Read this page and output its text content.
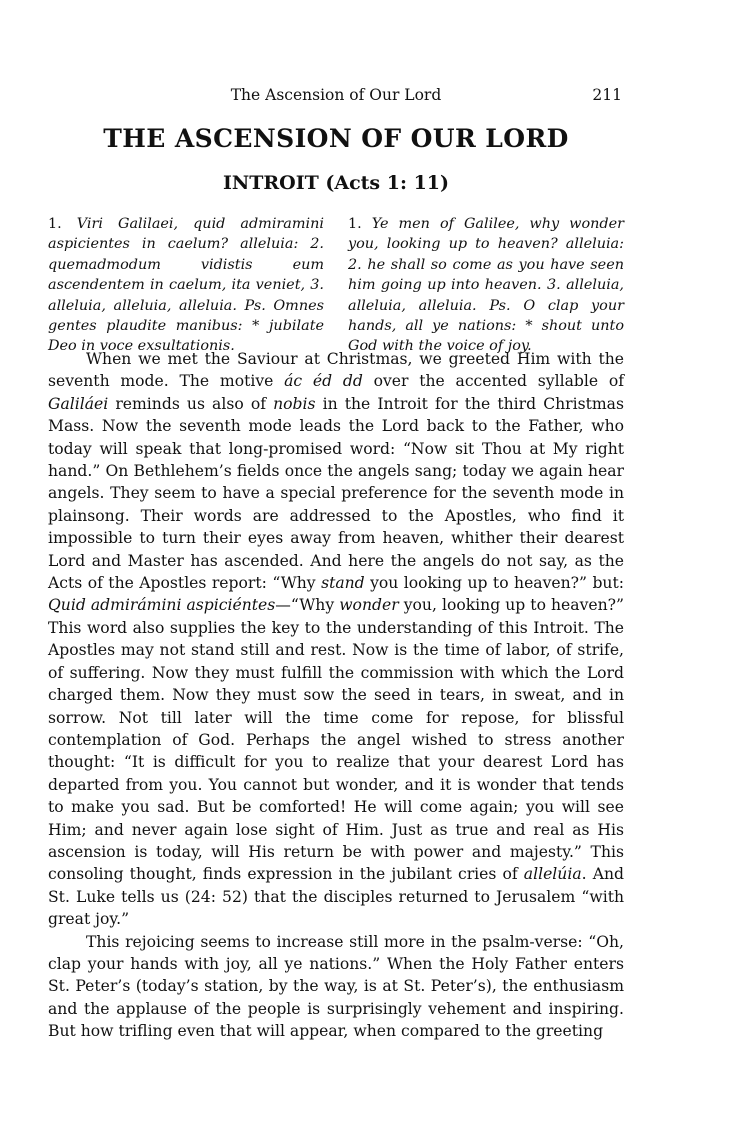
The Ascension of Our Lord	211
THE ASCENSION OF OUR LORD
INTROIT (Acts 1: 11)
1. Viri Galilaei, quid admiramini aspicientes in caelum? alleluia: 2. quemadmodum vidistis eum ascendentem in caelum, ita veniet, 3. alleluia, alleluia, alleluia. Ps. Omnes gentes plaudite manibus: * jubilate Deo in voce exsultationis.
1. Ye men of Galilee, why wonder you, looking up to heaven? alleluia: 2. he shall so come as you have seen him going up into heaven. 3. alleluia, alleluia, alleluia. Ps. O clap your hands, all ye nations: * shout unto God with the voice of joy.

When we met the Saviour at Christmas, we greeted Him with the seventh mode. The motive ác éd dd over the accented syllable of Galiláei reminds us also of nobis in the Introit for the third Christmas Mass. Now the seventh mode leads the Lord back to the Father, who today will speak that long-promised word: “Now sit Thou at My right hand.” On Bethlehem’s fields once the angels sang; today we again hear angels. They seem to have a special preference for the seventh mode in plainsong. Their words are addressed to the Apostles, who find it impossible to turn their eyes away from heaven, whither their dearest Lord and Master has ascended. And here the angels do not say, as the Acts of the Apostles report: “Why stand you looking up to heaven?” but: Quid admirámini aspiciéntes—“Why wonder you, looking up to heaven?” This word also supplies the key to the understanding of this Introit. The Apostles may not stand still and rest. Now is the time of labor, of strife, of suffering. Now they must fulfill the commission with which the Lord charged them. Now they must sow the seed in tears, in sweat, and in sorrow. Not till later will the time come for repose, for blissful contemplation of God. Perhaps the angel wished to stress another thought: “It is difficult for you to realize that your dearest Lord has departed from you. You cannot but wonder, and it is wonder that tends to make you sad. But be comforted! He will come again; you will see Him; and never again lose sight of Him. Just as true and real as His ascension is today, will His return be with power and majesty.” This consoling thought, finds expression in the jubilant cries of allelúia. And St. Luke tells us (24: 52) that the disciples returned to Jerusalem “with great joy.”

This rejoicing seems to increase still more in the psalm-verse: “Oh, clap your hands with joy, all ye nations.” When the Holy Father enters St. Peter’s (today’s station, by the way, is at St. Peter’s), the enthusiasm and the applause of the people is surprisingly vehement and inspiring. But how trifling even that will appear, when compared to the greeting
